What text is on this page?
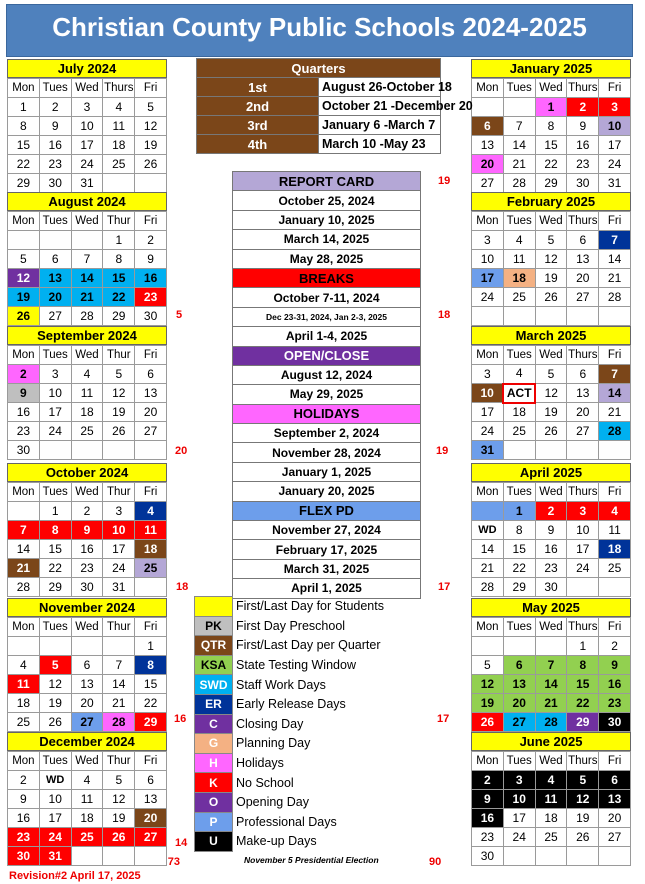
Christian County Public Schools 2024-2025
July 2024
Mon	Tues	Wed	Thurs	Fri
1	2	3	4	5
8	9	10	11	12
15	16	17	18	19
22	23	24	25	26
29	30	31		
August 2024
Mon	Tues	Wed	Thur	Fri
			1	2
5	6	7	8	9
12	13	14	15	16
19	20	21	22	23
26	27	28	29	30 5
September 2024
Mon	Tues	Wed	Thur	Fri
2	3	4	5	6
9	10	11	12	13
16	17	18	19	20
23	24	25	26	27
30					20
October 2024
Mon	Tues	Wed	Thur	Fri
	1	2	3	4
7	8	9	10	11
14	15	16	17	18
21	22	23	24	25
28	29	30	31		18
November 2024
Mon	Tues	Wed	Thur	Fri
				1
4	5	6	7	8
11	12	13	14	15
18	19	20	21	22
25	26	27	28	29 16
December 2024
Mon	Tues	Wed	Thur	Fri
2	WD	4	5	6
9	10	11	12	13
16	17	18	19	20
23	24	25	26	27
30	31			
14
January 2025
Mon	Tues	Wed	Thurs	Fri
		1	2	3
6	7	8	9	10
13	14	15	16	17
20	21	22	23	24
27	28	29	30	31
19
February 2025
Mon	Tues	Wed	Thurs	Fri
3	4	5	6	7
10	11	12	13	14
17	18	19	20	21
24	25	26	27	28

18
March 2025
Mon	Tues	Wed	Thurs	Fri
3	4	5	6	7
10	ACT	12	13	14
17	18	19	20	21
24	25	26	27	28
31				
19
April 2025
Mon	Tues	Wed	Thurs	Fri
	1	2	3	4
WD	8	9	10	11
14	15	16	17	18
21	22	23	24	25
28	29	30		
17
May 2025
Mon	Tues	Wed	Thurs	Fri
			1	2
5	6	7	8	9
12	13	14	15	16
19	20	21	22	23
26	27	28	29	30
17
June 2025
Mon	Tues	Wed	Thurs	Fri
2	3	4	5	6
9	10	11	12	13
16	17	18	19	20
23	24	25	26	27
30				
90
Quarters	
1st	August 26-October 18
2nd	October 21 -December 20
3rd	January 6 -March 7
4th	March 10 -May 23
REPORT CARD
October 25, 2024
January 10, 2025
March 14, 2025
May 28, 2025
BREAKS
October 7-11, 2024
Dec 23-31, 2024, Jan 2-3, 2025
April 1-4, 2025
OPEN/CLOSE
August 12, 2024
May 29, 2025
HOLIDAYS
September 2, 2024
November 28, 2024
January 1, 2025
January 20, 2025
FLEX PD
November 27, 2024
February 17, 2025
March 31, 2025
April 1, 2025
	First/Last Day for Students
PK	First Day Preschool
QTR	First/Last Day per Quarter
KSA	State Testing Window
SWD	Staff Work Days
ER	Early Release Days
C	Closing Day
G	Planning Day
H	Holidays
K	No School
O	Opening Day
P	Professional Days
U	Make-up Days
73	November 5 Presidential Election
Revision#2 April 17, 2025
